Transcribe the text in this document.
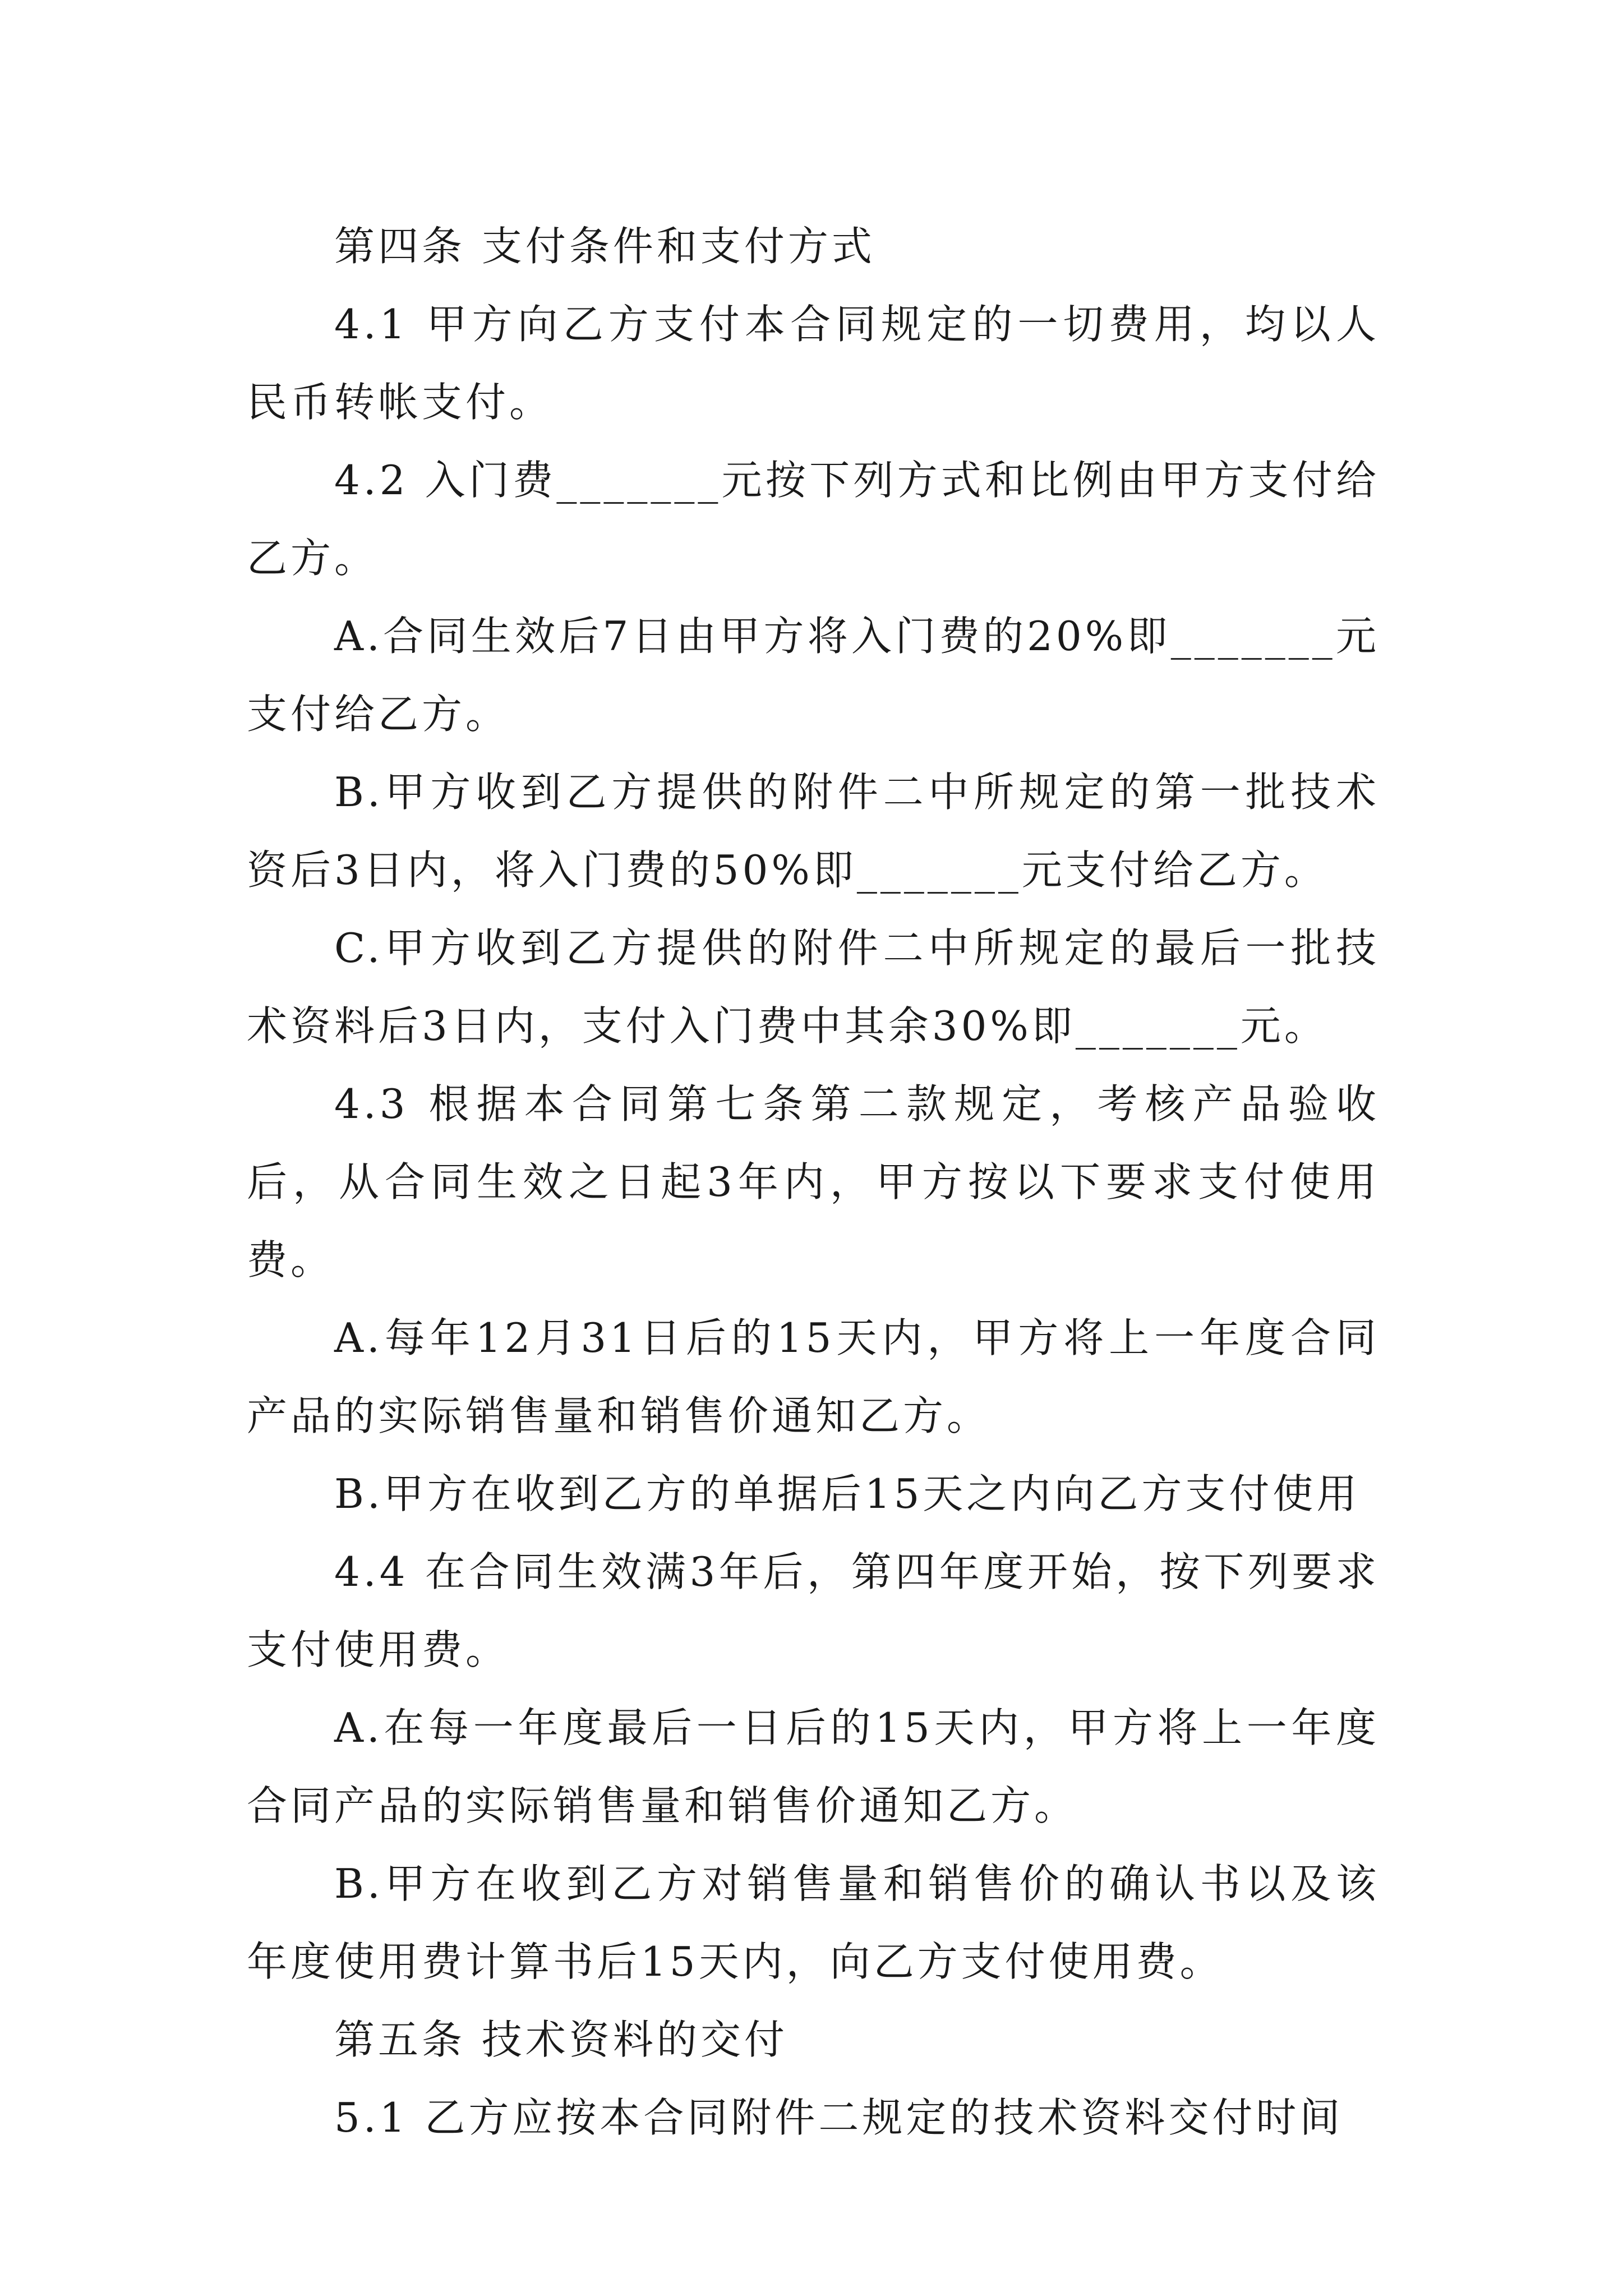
第四条 支付条件和支付方式

4.1 甲方向乙方支付本合同规定的一切费用，均以人民币转帐支付。

4.2 入门费_______元按下列方式和比例由甲方支付给乙方。

A.合同生效后7日由甲方将入门费的20%即_______元支付给乙方。

B.甲方收到乙方提供的附件二中所规定的第一批技术资后3日内，将入门费的50%即_______元支付给乙方。

C.甲方收到乙方提供的附件二中所规定的最后一批技术资料后3日内，支付入门费中其余30%即_______元。

4.3 根据本合同第七条第二款规定，考核产品验收后，从合同生效之日起3年内，甲方按以下要求支付使用费。

A.每年12月31日后的15天内，甲方将上一年度合同产品的实际销售量和销售价通知乙方。

B.甲方在收到乙方的单据后15天之内向乙方支付使用

4.4 在合同生效满3年后，第四年度开始，按下列要求支付使用费。

A.在每一年度最后一日后的15天内，甲方将上一年度合同产品的实际销售量和销售价通知乙方。

B.甲方在收到乙方对销售量和销售价的确认书以及该年度使用费计算书后15天内，向乙方支付使用费。

第五条 技术资料的交付

5.1 乙方应按本合同附件二规定的技术资料交付时间
